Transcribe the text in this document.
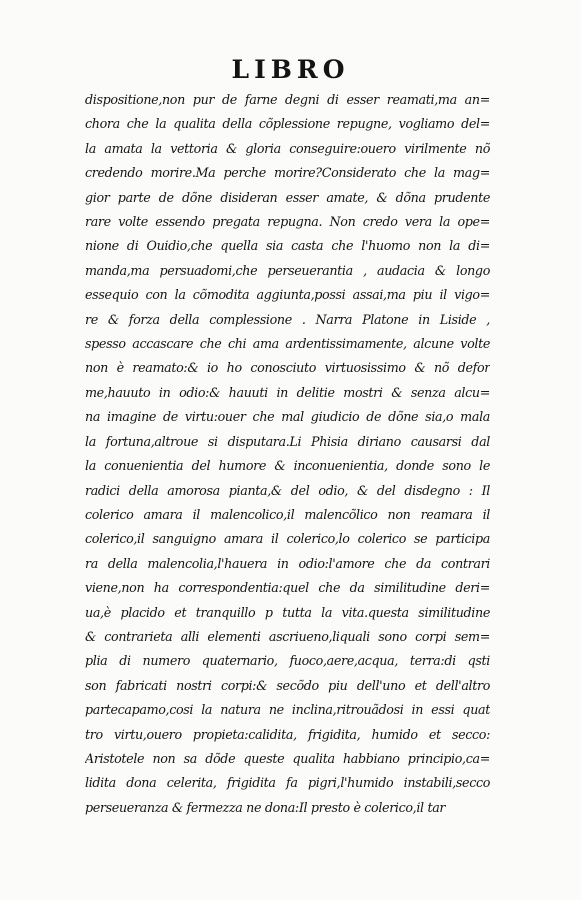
LIBRO
dispositione,non pur de farne degni di esser reamati,ma an=
chora che la qualita della cõplessione repugne, vogliamo del=
la amata la vettoria & gloria conseguire:ouero virilmente nõ
credendo morire.Ma perche morire?Considerato che la mag=
gior parte de dõne disideran esser amate, & dõna prudente
rare volte essendo pregata repugna. Non credo vera la ope=
nione di Ouidio,che quella sia casta che l'huomo non la di=
manda,ma persuadomi,che perseuerantia , audacia & longo
essequio con la cõmodita aggiunta,possi assai,ma piu il vigo=
re & forza della complessione . Narra Platone in Liside ,
spesso accascare che chi ama ardentissimamente, alcune volte
non è reamato:& io ho conosciuto virtuosissimo & nõ defor
me,hauuto in odio:& hauuti in delitie mostri & senza alcu=
na imagine de virtu:ouer che mal giudicio de dõne sia,o mala
la fortuna,altroue si disputara.Li Phisia diriano causarsi dal
la conuenientia del humore & inconuenientia, donde sono le
radici della amorosa pianta,& del odio, & del disdegno : Il
colerico amara il malencolico,il malencõlico non reamara il
colerico,il sanguigno amara il colerico,lo colerico se participa
ra della malencolia,l'hauera in odio:l'amore che da contrari
viene,non ha correspondentia:quel che da similitudine deri=
ua,è placido et tranquillo p tutta la vita.questa similitudine
& contrarieta alli elementi ascriueno,liquali sono corpi sem=
plia di numero quaternario, fuoco,aere,acqua, terra:di qsti
son fabricati nostri corpi:& secõdo piu dell'uno et dell'altro
partecapamo,cosi la natura ne inclina,ritrouãdosi in essi quat
tro virtu,ouero propieta:calidita, frigidita, humido et secco:
Aristotele non sa dõde queste qualita habbiano principio,ca=
lidita dona celerita, frigidita fa pigri,l'humido instabili,secco
perseueranza & fermezza ne dona:Il presto è colerico,il tar
